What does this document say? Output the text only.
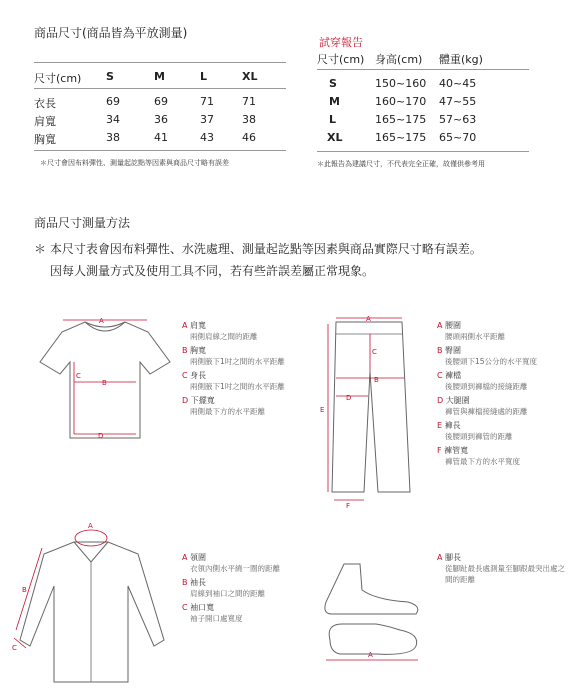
商品尺寸(商品皆為平放測量)
尺寸(cm)	S	M	L	XL
衣長	69	69	71	71
肩寬	34	36	37	38
胸寬	38	41	43	46
＊尺寸會因布料彈性、測量起訖點等因素與商品尺寸略有誤差
試穿報告
尺寸(cm) 身高(cm) 體重(kg)
S	150~160 40~45
M	160~170 47~55
L	165~175 57~63
XL	165~175 65~70
＊此報告為建議尺寸，不代表完全正確，故僅供參考用
商品尺寸測量方法
＊ 本尺寸表會因布料彈性、水洗處理、測量起訖點等因素與商品實際尺寸略有誤差。
因每人測量方式及使用工具不同，若有些許誤差屬正常現象。
A
B
C
D
A 肩寬
兩側肩線之間的距離
B 胸寬
兩側腋下1吋之間的水平距離
C 身長
兩側腋下1吋之間的水平距離
D 下擺寬
兩側最下方的水平距離
A
B
C
D
E
F
A 腰圍
腰頭兩側水平距離
B 臀圍
後腰頭下15公分的水平寬度
C 褲檔
後腰頭到褲檔的接縫距離
D 大腿圍
褲管與褲檔接縫處的距離
E 褲長
後腰頭到褲管的距離
F 褲管寬
褲管最下方的水平寬度
A
B
C
A 領圍
衣領內側水平繞一圈的距離
B 袖長
肩線到袖口之間的距離
C 袖口寬
袖子開口處寬度
A
A 腳長
從腳趾最長處測量至腳跟最突出處之間的距離
